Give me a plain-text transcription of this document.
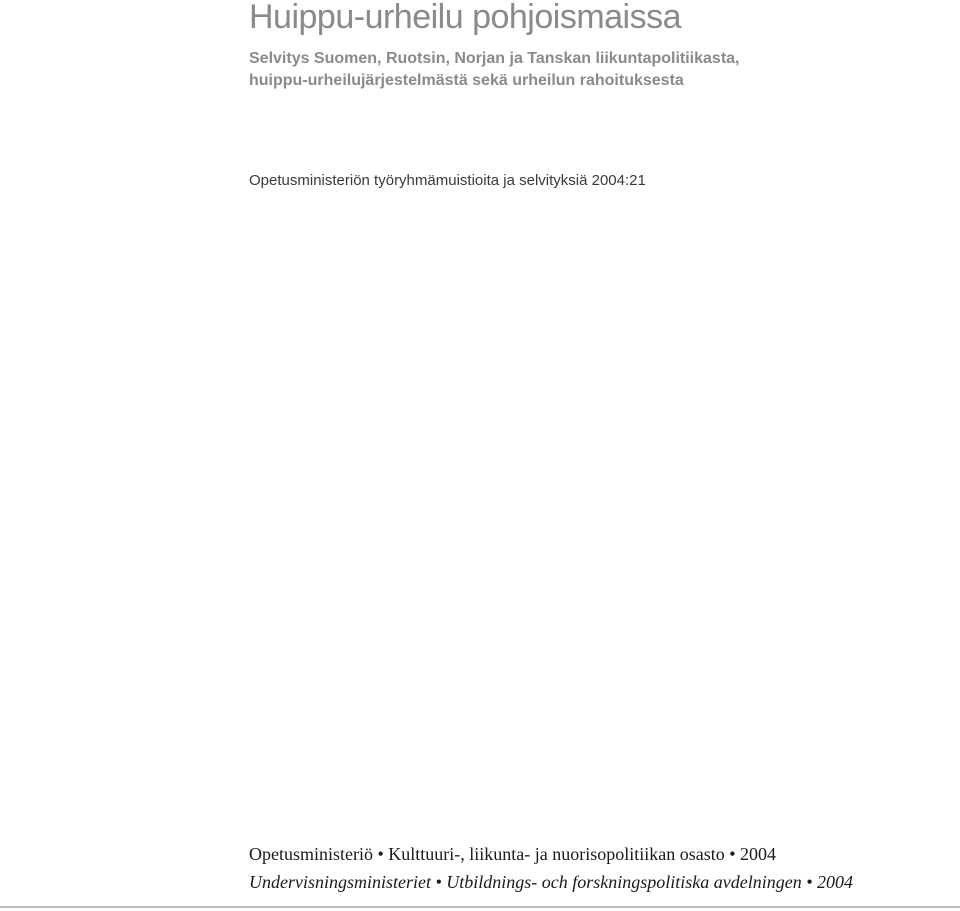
Huippu-urheilu pohjoismaissa
Selvitys Suomen, Ruotsin, Norjan ja Tanskan liikuntapolitiikasta,
huippu-urheilujärjestelmästä sekä urheilun rahoituksesta

Opetusministeriön työryhmämuistioita ja selvityksiä 2004:21

Opetusministeriö • Kulttuuri-, liikunta- ja nuorisopolitiikan osasto • 2004

Undervisningsministeriet • Utbildnings- och forskningspolitiska avdelningen • 2004
